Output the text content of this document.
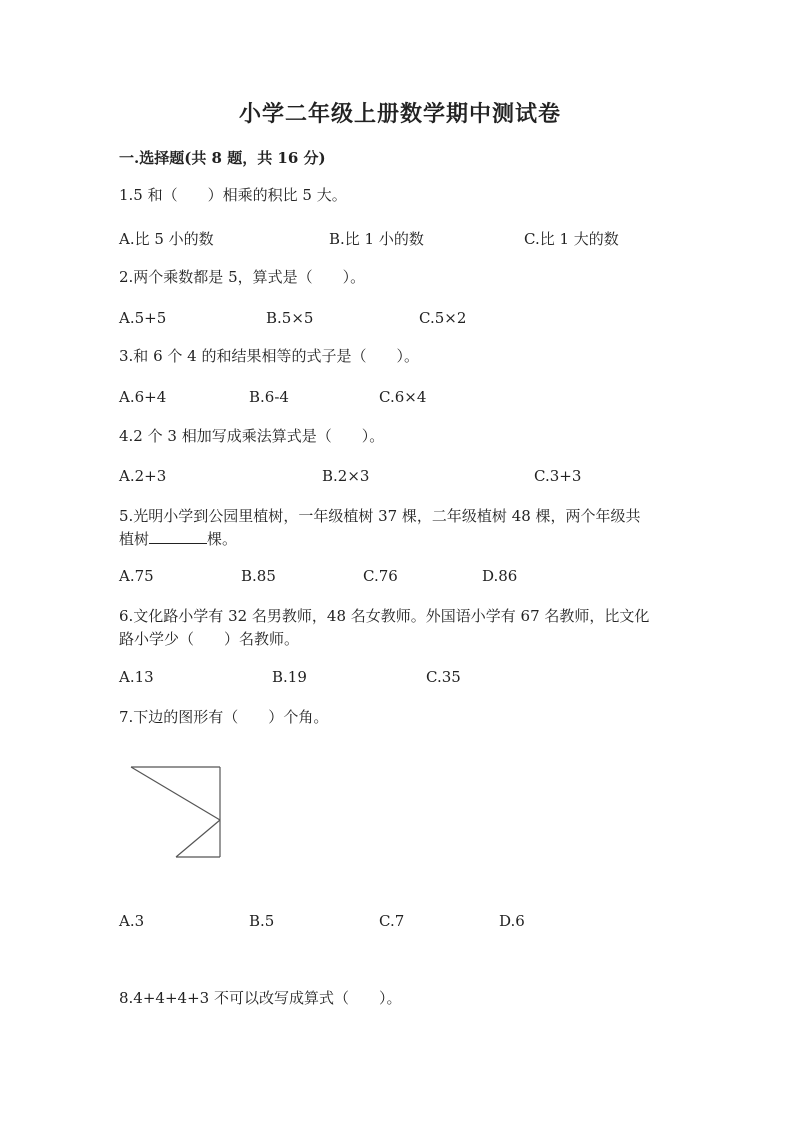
小学二年级上册数学期中测试卷
一.选择题(共 8 题，共 16 分)
1.5 和（　　）相乘的积比 5 大。
A.比 5 小的数	B.比 1 小的数	C.比 1 大的数
2.两个乘数都是 5，算式是（　　）。
A.5+5	B.5×5	C.5×2
3.和 6 个 4 的和结果相等的式子是（　　）。
A.6+4	B.6-4	C.6×4
4.2 个 3 相加写成乘法算式是（　　）。
A.2+3	B.2×3	C.3+3
5.光明小学到公园里植树，一年级植树 37 棵，二年级植树 48 棵，两个年级共
植树	棵。
A.75	B.85	C.76	D.86
6.文化路小学有 32 名男教师，48 名女教师。外国语小学有 67 名教师，比文化
路小学少（　　）名教师。
A.13	B.19	C.35
7.下边的图形有（　　）个角。
A.3	B.5	C.7	D.6
8.4+4+4+3 不可以改写成算式（　　）。
